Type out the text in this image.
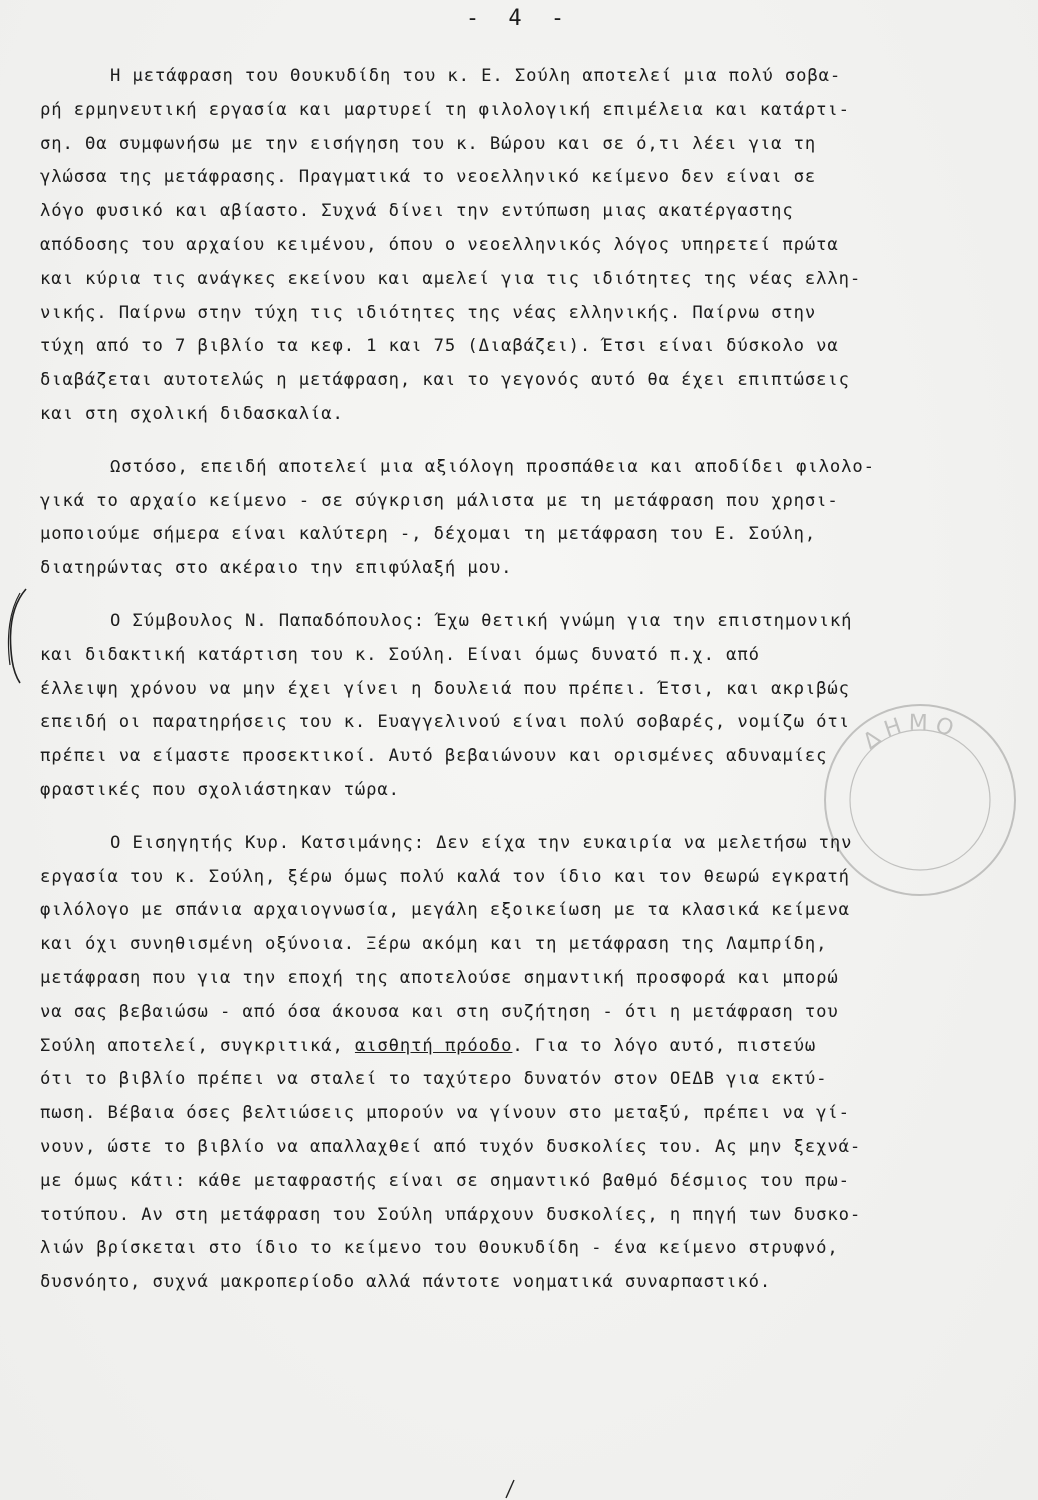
- 4 -
ΔΗΜΟ
Η μετάφραση του Θουκυδίδη του κ. Ε. Σούλη αποτελεί μια πολύ σοβα-
ρή ερμηνευτική εργασία και μαρτυρεί τη φιλολογική επιμέλεια και κατάρτι-
ση. Θα συμφωνήσω με την εισήγηση του κ. Βώρου και σε ό,τι λέει για τη
γλώσσα της μετάφρασης. Πραγματικά το νεοελληνικό κείμενο δεν είναι σε
λόγο φυσικό και αβίαστο. Συχνά δίνει την εντύπωση μιας ακατέργαστης
απόδοσης του αρχαίου κειμένου, όπου ο νεοελληνικός λόγος υπηρετεί πρώτα
και κύρια τις ανάγκες εκείνου και αμελεί για τις ιδιότητες της νέας ελλη-
νικής. Παίρνω στην τύχη τις ιδιότητες της νέας ελληνικής. Παίρνω στην
τύχη από το 7 βιβλίο τα κεφ. 1 και 75 (Διαβάζει). Έτσι είναι δύσκολο να
διαβάζεται αυτοτελώς η μετάφραση, και το γεγονός αυτό θα έχει επιπτώσεις
και στη σχολική διδασκαλία.
Ωστόσο, επειδή αποτελεί μια αξιόλογη προσπάθεια και αποδίδει φιλολο-
γικά το αρχαίο κείμενο - σε σύγκριση μάλιστα με τη μετάφραση που χρησι-
μοποιούμε σήμερα είναι καλύτερη -, δέχομαι τη μετάφραση του Ε. Σούλη,
διατηρώντας στο ακέραιο την επιφύλαξή μου.
Ο Σύμβουλος Ν. Παπαδόπουλος: Έχω θετική γνώμη για την επιστημονική
και διδακτική κατάρτιση του κ. Σούλη. Είναι όμως δυνατό π.χ. από
έλλειψη χρόνου να μην έχει γίνει η δουλειά που πρέπει. Έτσι, και ακριβώς
επειδή οι παρατηρήσεις του κ. Ευαγγελινού είναι πολύ σοβαρές, νομίζω ότι
πρέπει να είμαστε προσεκτικοί. Αυτό βεβαιώνουν και ορισμένες αδυναμίες
φραστικές που σχολιάστηκαν τώρα.
Ο Εισηγητής Κυρ. Κατσιμάνης: Δεν είχα την ευκαιρία να μελετήσω την
εργασία του κ. Σούλη, ξέρω όμως πολύ καλά τον ίδιο και τον θεωρώ εγκρατή
φιλόλογο με σπάνια αρχαιογνωσία, μεγάλη εξοικείωση με τα κλασικά κείμενα
και όχι συνηθισμένη οξύνοια. Ξέρω ακόμη και τη μετάφραση της Λαμπρίδη,
μετάφραση που για την εποχή της αποτελούσε σημαντική προσφορά και μπορώ
να σας βεβαιώσω - από όσα άκουσα και στη συζήτηση - ότι η μετάφραση του
Σούλη αποτελεί, συγκριτικά, αισθητή πρόοδο. Για το λόγο αυτό, πιστεύω
ότι το βιβλίο πρέπει να σταλεί το ταχύτερο δυνατόν στον ΟΕΔΒ για εκτύ-
πωση. Βέβαια όσες βελτιώσεις μπορούν να γίνουν στο μεταξύ, πρέπει να γί-
νουν, ώστε το βιβλίο να απαλλαχθεί από τυχόν δυσκολίες του. Ας μην ξεχνά-
με όμως κάτι: κάθε μεταφραστής είναι σε σημαντικό βαθμό δέσμιος του πρω-
τοτύπου. Αν στη μετάφραση του Σούλη υπάρχουν δυσκολίες, η πηγή των δυσκο-
λιών βρίσκεται στο ίδιο το κείμενο του Θουκυδίδη - ένα κείμενο στρυφνό,
δυσνόητο, συχνά μακροπερίοδο αλλά πάντοτε νοηματικά συναρπαστικό.
